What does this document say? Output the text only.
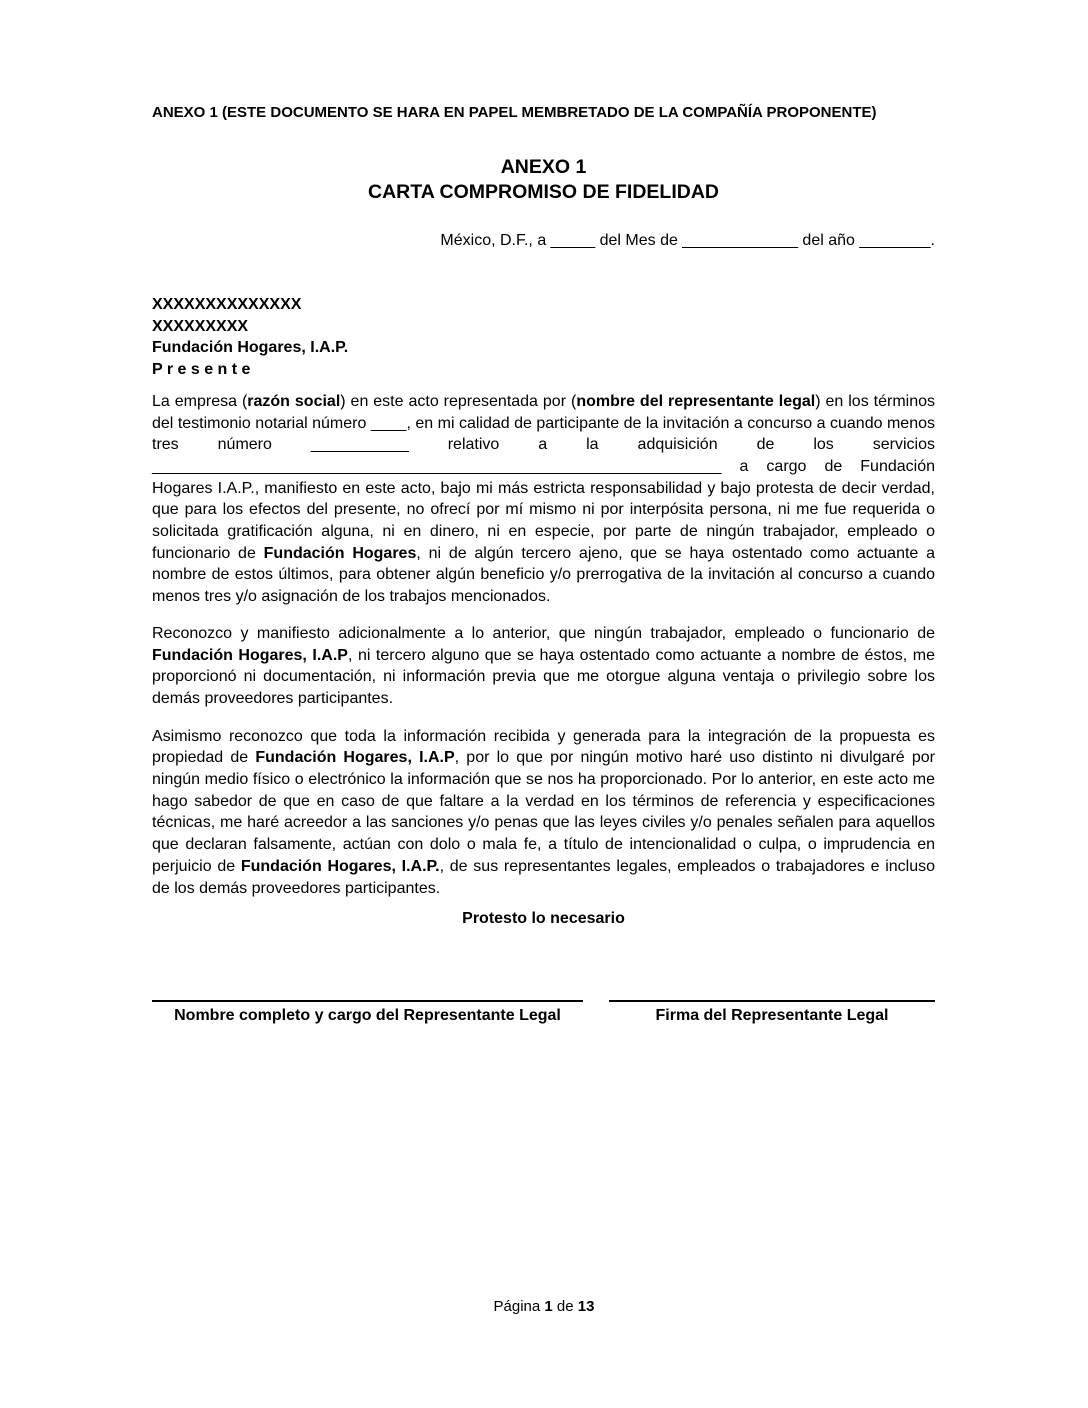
ANEXO 1 (ESTE DOCUMENTO SE HARA EN PAPEL MEMBRETADO DE LA COMPAÑÍA PROPONENTE)
ANEXO 1
CARTA COMPROMISO DE FIDELIDAD
México, D.F., a _____ del Mes de _____________ del año ________.
XXXXXXXXXXXXXX
XXXXXXXXX
Fundación Hogares, I.A.P.
P r e s e n t e

La empresa (razón social) en este acto representada por (nombre del representante legal) en los términos del testimonio notarial número ____, en mi calidad de participante de la invitación a concurso a cuando menos tres número ___________ relativo a la adquisición de los servicios ________________________________________________________________ a cargo de Fundación Hogares I.A.P., manifiesto en este acto, bajo mi más estricta responsabilidad y bajo protesta de decir verdad, que para los efectos del presente, no ofrecí por mí mismo ni por interpósita persona, ni me fue requerida o solicitada gratificación alguna, ni en dinero, ni en especie, por parte de ningún trabajador, empleado o funcionario de Fundación Hogares, ni de algún tercero ajeno, que se haya ostentado como actuante a nombre de estos últimos, para obtener algún beneficio y/o prerrogativa de la invitación al concurso a cuando menos tres y/o asignación de los trabajos mencionados.

Reconozco y manifiesto adicionalmente a lo anterior, que ningún trabajador, empleado o funcionario de Fundación Hogares, I.A.P, ni tercero alguno que se haya ostentado como actuante a nombre de éstos, me proporcionó ni documentación, ni información previa que me otorgue alguna ventaja o privilegio sobre los demás proveedores participantes.

Asimismo reconozco que toda la información recibida y generada para la integración de la propuesta es propiedad de Fundación Hogares, I.A.P, por lo que por ningún motivo haré uso distinto ni divulgaré por ningún medio físico o electrónico la información que se nos ha proporcionado. Por lo anterior, en este acto me hago sabedor de que en caso de que faltare a la verdad en los términos de referencia y especificaciones técnicas, me haré acreedor a las sanciones y/o penas que las leyes civiles y/o penales señalen para aquellos que declaran falsamente, actúan con dolo o mala fe, a título de intencionalidad o culpa, o imprudencia en perjuicio de Fundación Hogares, I.A.P., de sus representantes legales, empleados o trabajadores e incluso de los demás proveedores participantes.

Protesto lo necesario
Nombre completo y cargo del Representante Legal	Firma del Representante Legal
Página 1 de 13
